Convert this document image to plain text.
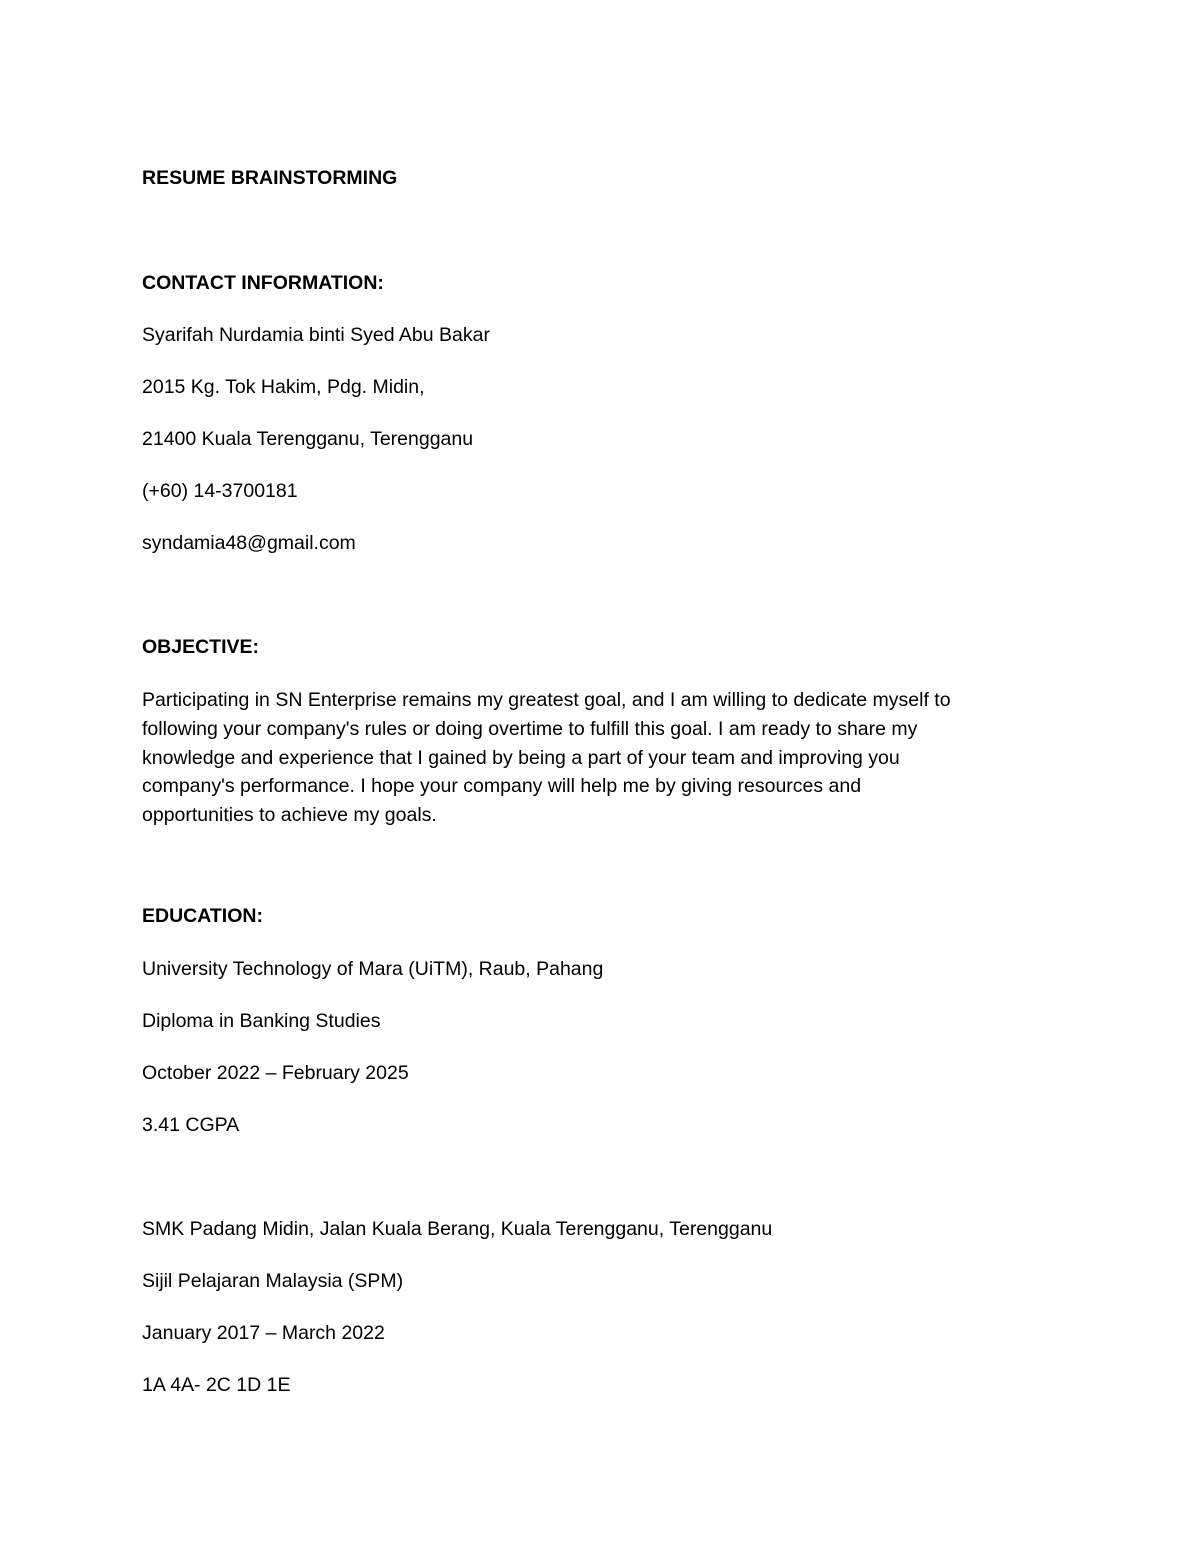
RESUME BRAINSTORMING
CONTACT INFORMATION:
Syarifah Nurdamia binti Syed Abu Bakar
2015 Kg. Tok Hakim, Pdg. Midin,
21400 Kuala Terengganu, Terengganu
(+60) 14-3700181
syndamia48@gmail.com
OBJECTIVE:
Participating in SN Enterprise remains my greatest goal, and I am willing to dedicate myself to
following your company's rules or doing overtime to fulfill this goal. I am ready to share my
knowledge and experience that I gained by being a part of your team and improving you
company's performance. I hope your company will help me by giving resources and
opportunities to achieve my goals.
EDUCATION:
University Technology of Mara (UiTM), Raub, Pahang
Diploma in Banking Studies
October 2022 – February 2025
3.41 CGPA
SMK Padang Midin, Jalan Kuala Berang, Kuala Terengganu, Terengganu
Sijil Pelajaran Malaysia (SPM)
January 2017 – March 2022
1A 4A- 2C 1D 1E
